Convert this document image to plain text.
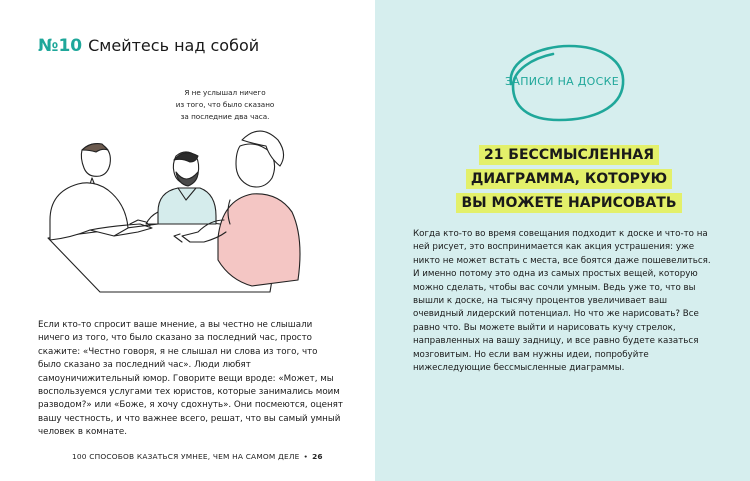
№10 Смейтесь над собой
Я не услышал ничего
из того, что было сказано
за последние два часа.

Если кто-то спросит ваше мнение, а вы честно не слышали ничего из того, что было сказано за последний час, просто скажите: «Честно говоря, я не слышал ни слова из того, что было сказано за последний час». Люди любят самоуничижительный юмор. Говорите вещи вроде: «Может, мы воспользуемся услугами тех юристов, которые занимались моим разводом?» или «Боже, я хочу сдохнуть». Они посмеются, оценят вашу честность, и что важнее всего, решат, что вы самый умный человек в комнате.

100 СПОСОБОВ КАЗАТЬСЯ УМНЕЕ, ЧЕМ НА САМОМ ДЕЛЕ • 26
ЗАПИСИ НА ДОСКЕ
21 БЕССМЫСЛЕННАЯ
ДИАГРАММА, КОТОРУЮ
ВЫ МОЖЕТЕ НАРИСОВАТЬ

Когда кто-то во время совещания подходит к доске и что-то на ней рисует, это воспринимается как акция устрашения: уже никто не может встать с места, все боятся даже пошевелиться. И именно потому это одна из самых простых вещей, которую можно сделать, чтобы вас сочли умным. Ведь уже то, что вы вышли к доске, на тысячу процентов увеличивает ваш очевидный лидерский потенциал. Но что же нарисовать? Все равно что. Вы можете выйти и нарисовать кучу стрелок, направленных на вашу задницу, и все равно будете казаться мозговитым. Но если вам нужны идеи, попробуйте нижеследующие бессмысленные диаграммы.
